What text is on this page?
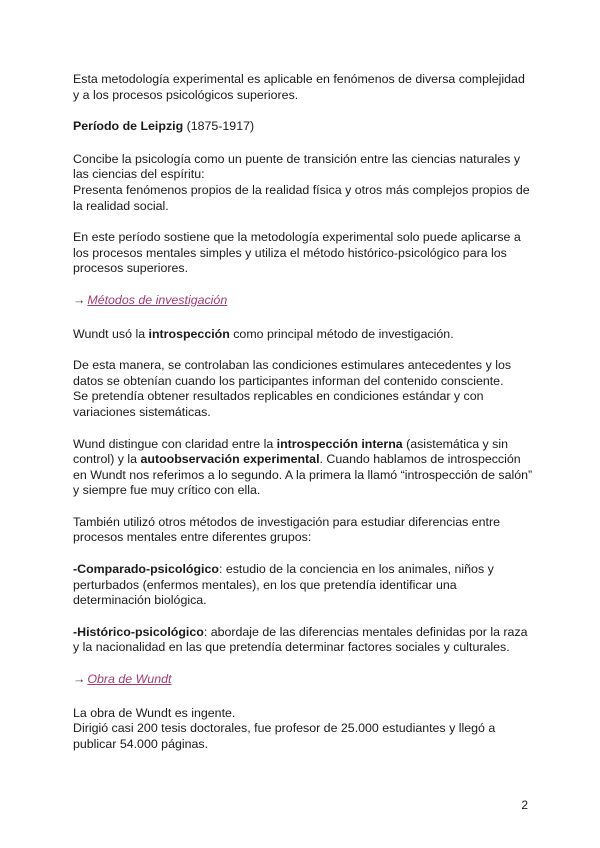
Esta metodología experimental es aplicable en fenómenos de diversa complejidad y a los procesos psicológicos superiores.

Período de Leipzig (1875-1917)

Concibe la psicología como un puente de transición entre las ciencias naturales y las ciencias del espíritu:
Presenta fenómenos propios de la realidad física y otros más complejos propios de la realidad social.

En este período sostiene que la metodología experimental solo puede aplicarse a los procesos mentales simples y utiliza el método histórico-psicológico para los procesos superiores.

→ Métodos de investigación

Wundt usó la introspección como principal método de investigación.

De esta manera, se controlaban las condiciones estimulares antecedentes y los datos se obtenían cuando los participantes informan del contenido consciente.
Se pretendía obtener resultados replicables en condiciones estándar y con variaciones sistemáticas.

Wund distingue con claridad entre la introspección interna (asistemática y sin control) y la autoobservación experimental. Cuando hablamos de introspección en Wundt nos referimos a lo segundo. A la primera la llamó “introspección de salón” y siempre fue muy crítico con ella.

También utilizó otros métodos de investigación para estudiar diferencias entre procesos mentales entre diferentes grupos:

-Comparado-psicológico: estudio de la conciencia en los animales, niños y perturbados (enfermos mentales), en los que pretendía identificar una determinación biológica.

-Histórico-psicológico: abordaje de las diferencias mentales definidas por la raza y la nacionalidad en las que pretendía determinar factores sociales y culturales.

→ Obra de Wundt

La obra de Wundt es ingente.
Dirigió casi 200 tesis doctorales, fue profesor de 25.000 estudiantes y llegó a publicar 54.000 páginas.

2
